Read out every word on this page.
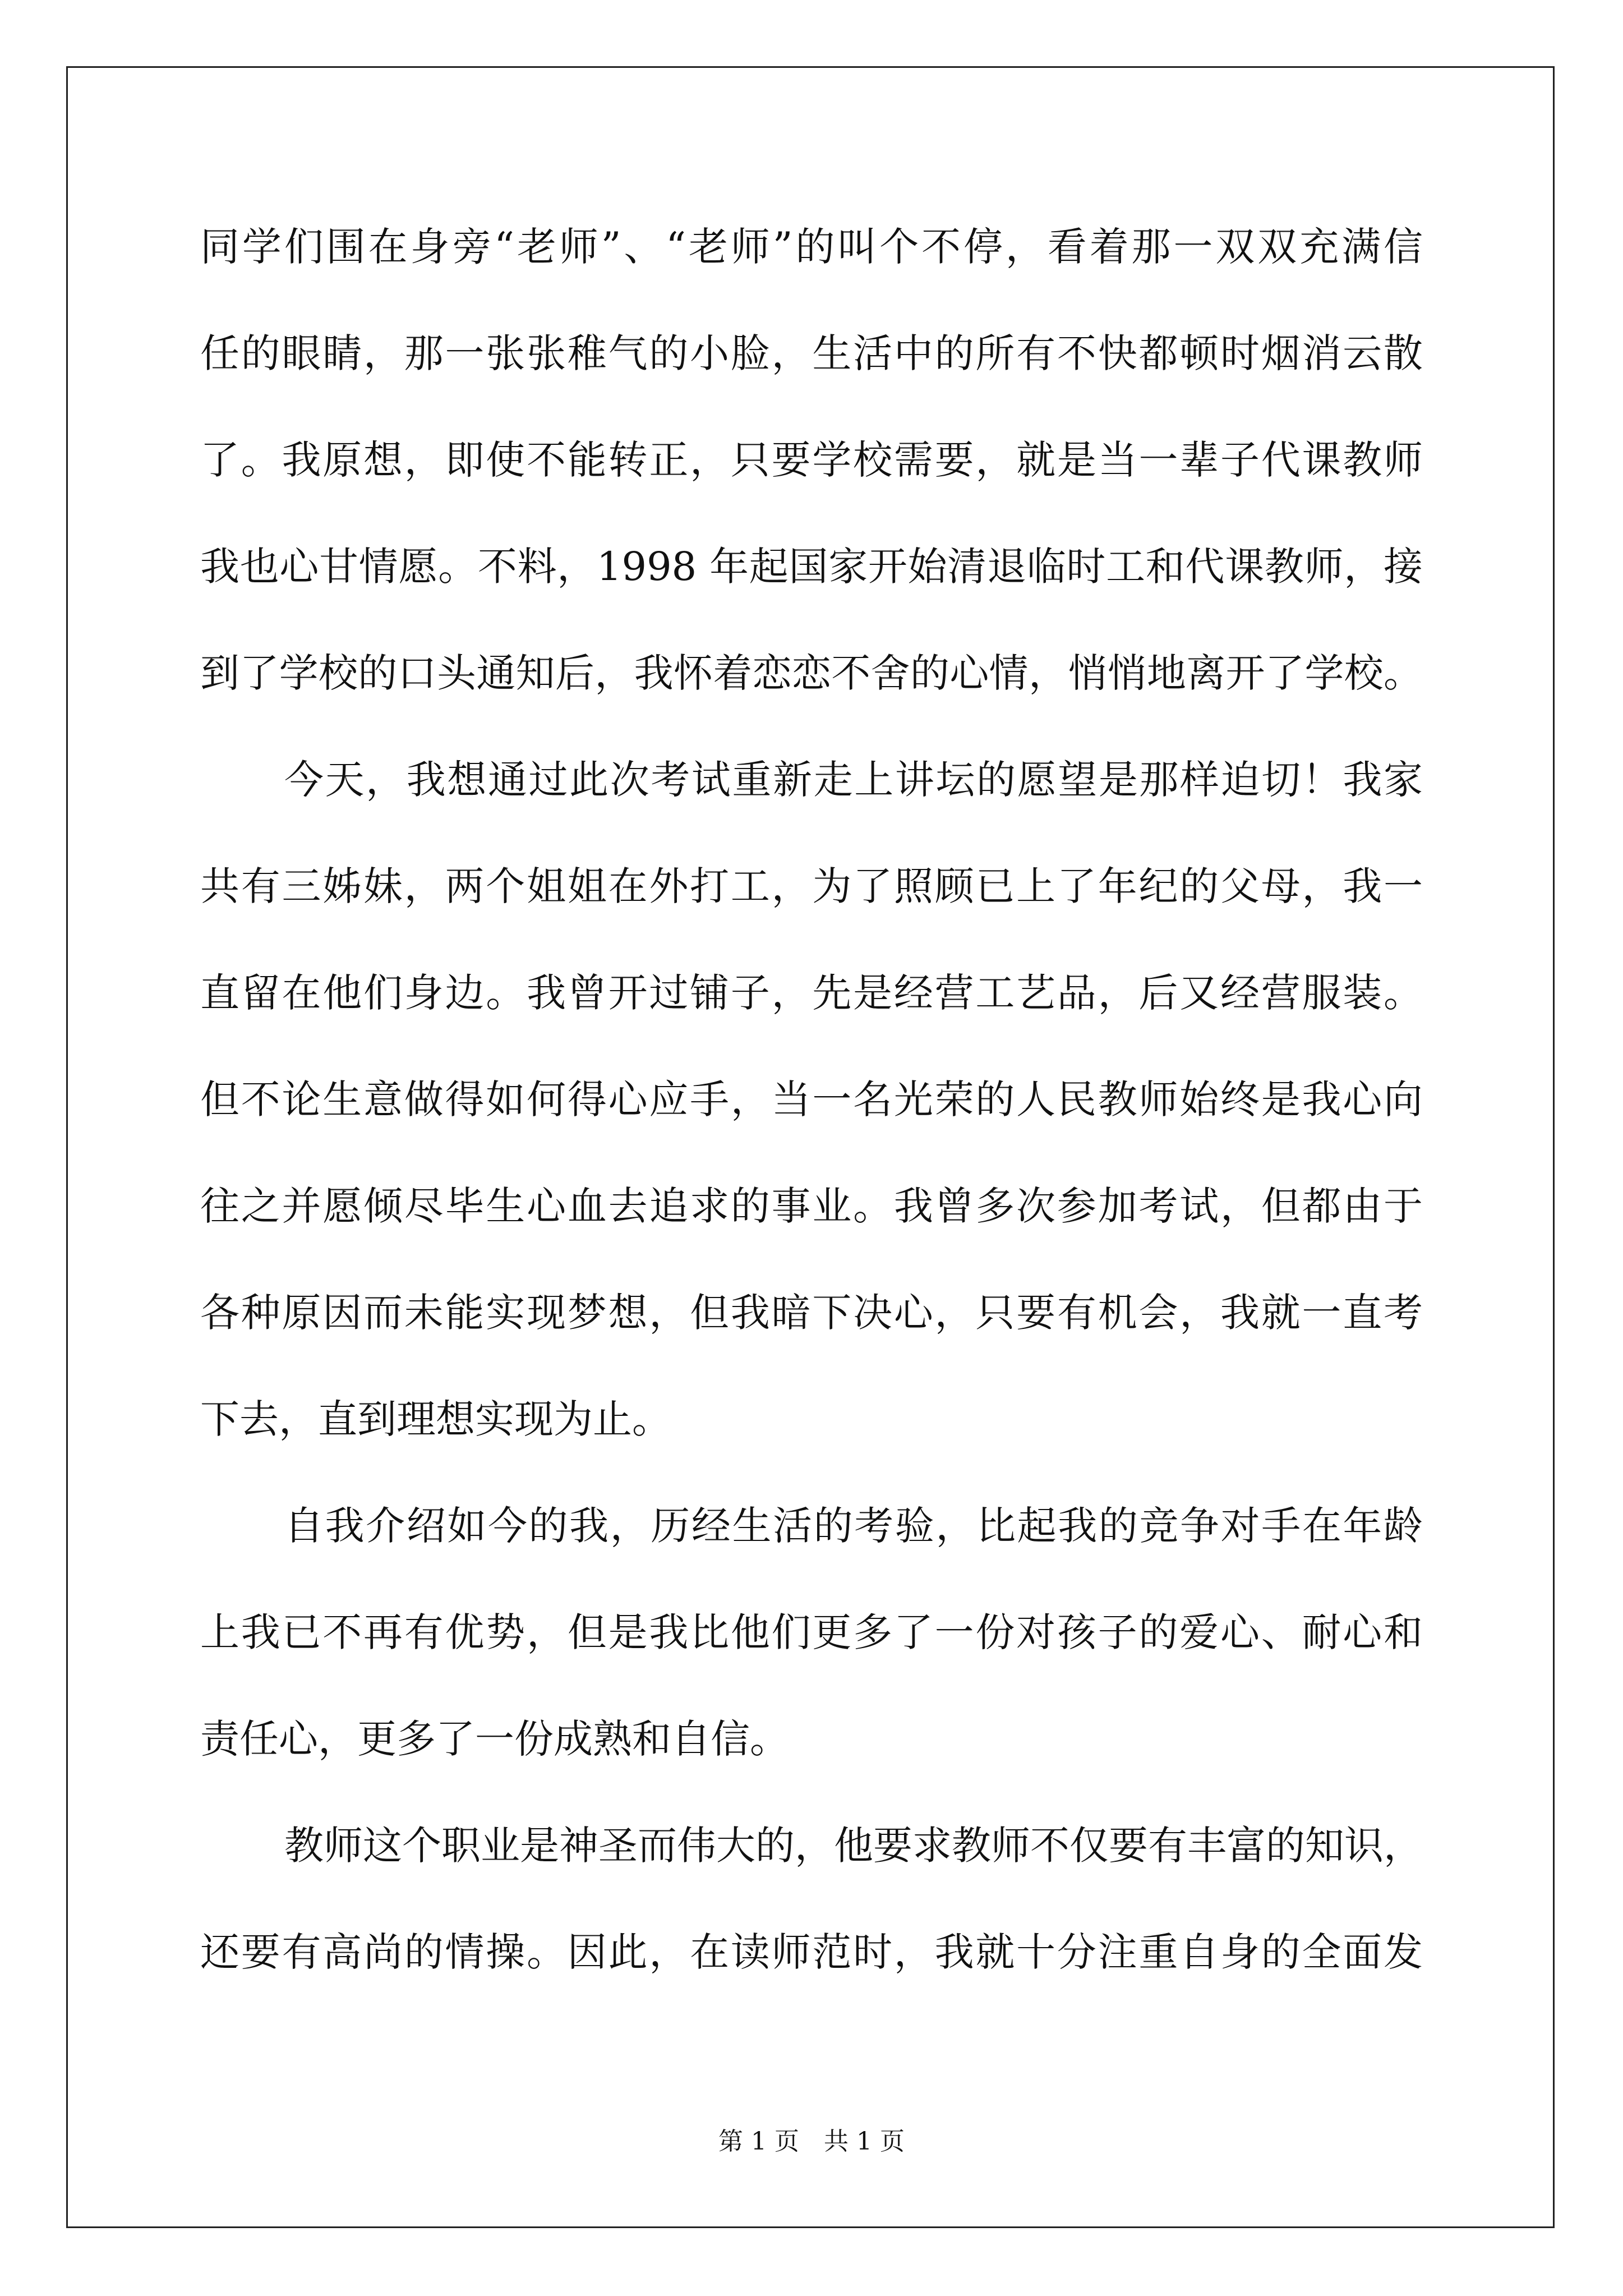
同学们围在身旁“老师”、“老师”的叫个不停，看着那一双双充满信
任的眼睛，那一张张稚气的小脸，生活中的所有不快都顿时烟消云散
了。我原想，即使不能转正，只要学校需要，就是当一辈子代课教师
我也心甘情愿。不料，1998 年起国家开始清退临时工和代课教师，接
到了学校的口头通知后，我怀着恋恋不舍的心情，悄悄地离开了学校。
今天，我想通过此次考试重新走上讲坛的愿望是那样迫切！我家
共有三姊妹，两个姐姐在外打工，为了照顾已上了年纪的父母，我一
直留在他们身边。我曾开过铺子，先是经营工艺品，后又经营服装。
但不论生意做得如何得心应手，当一名光荣的人民教师始终是我心向
往之并愿倾尽毕生心血去追求的事业。我曾多次参加考试，但都由于
各种原因而未能实现梦想，但我暗下决心，只要有机会，我就一直考
下去，直到理想实现为止。
自我介绍如今的我，历经生活的考验，比起我的竞争对手在年龄
上我已不再有优势，但是我比他们更多了一份对孩子的爱心、耐心和
责任心，更多了一份成熟和自信。
教师这个职业是神圣而伟大的，他要求教师不仅要有丰富的知识，
还要有高尚的情操。因此，在读师范时，我就十分注重自身的全面发
第 1 页　共 1 页
